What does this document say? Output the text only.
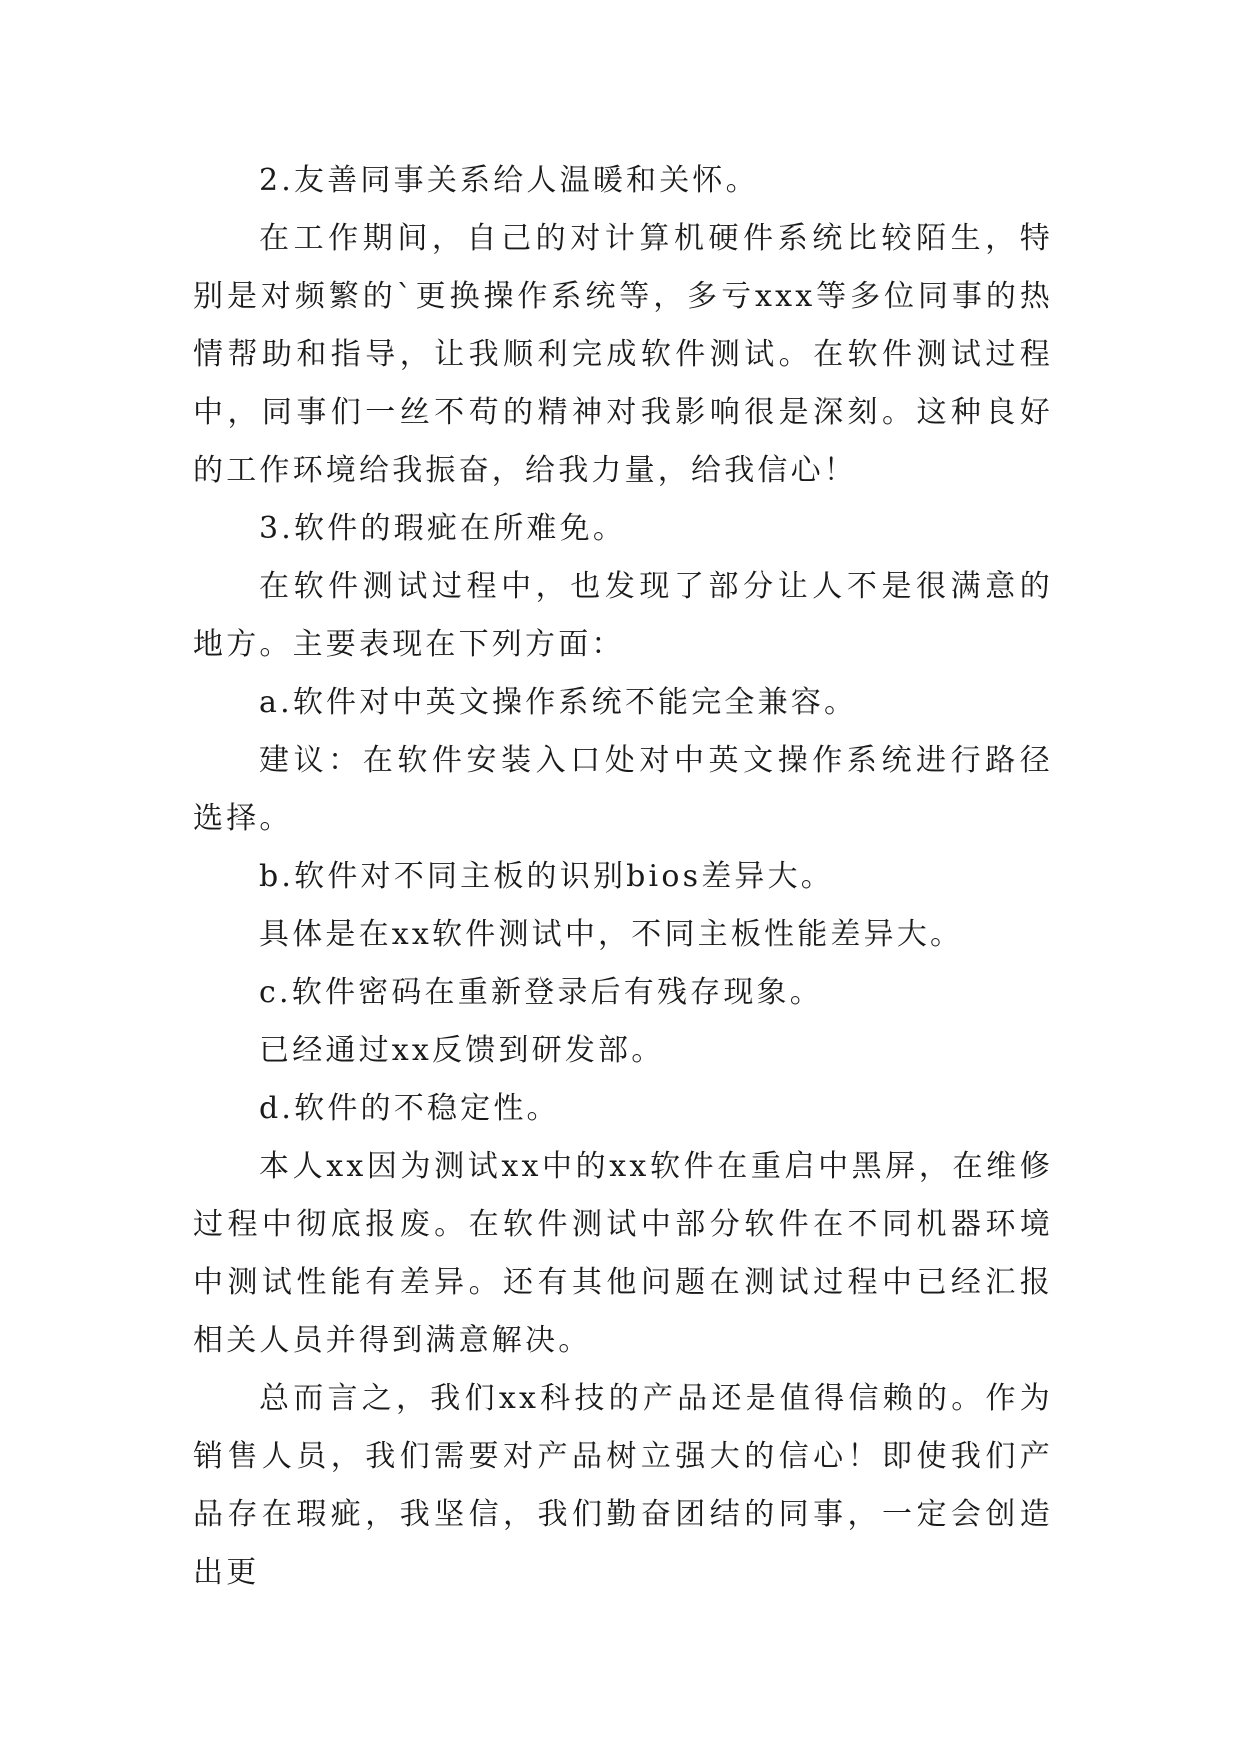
2.友善同事关系给人温暖和关怀。

在工作期间，自己的对计算机硬件系统比较陌生，特别是对频繁的`更换操作系统等，多亏xxx等多位同事的热情帮助和指导，让我顺利完成软件测试。在软件测试过程中，同事们一丝不苟的精神对我影响很是深刻。这种良好的工作环境给我振奋，给我力量，给我信心！

3.软件的瑕疵在所难免。

在软件测试过程中，也发现了部分让人不是很满意的地方。主要表现在下列方面：

a.软件对中英文操作系统不能完全兼容。

建议：在软件安装入口处对中英文操作系统进行路径选择。

b.软件对不同主板的识别bios差异大。

具体是在xx软件测试中，不同主板性能差异大。

c.软件密码在重新登录后有残存现象。

已经通过xx反馈到研发部。

d.软件的不稳定性。

本人xx因为测试xx中的xx软件在重启中黑屏，在维修过程中彻底报废。在软件测试中部分软件在不同机器环境中测试性能有差异。还有其他问题在测试过程中已经汇报相关人员并得到满意解决。

总而言之，我们xx科技的产品还是值得信赖的。作为销售人员，我们需要对产品树立强大的信心！即使我们产品存在瑕疵，我坚信，我们勤奋团结的同事，一定会创造出更
